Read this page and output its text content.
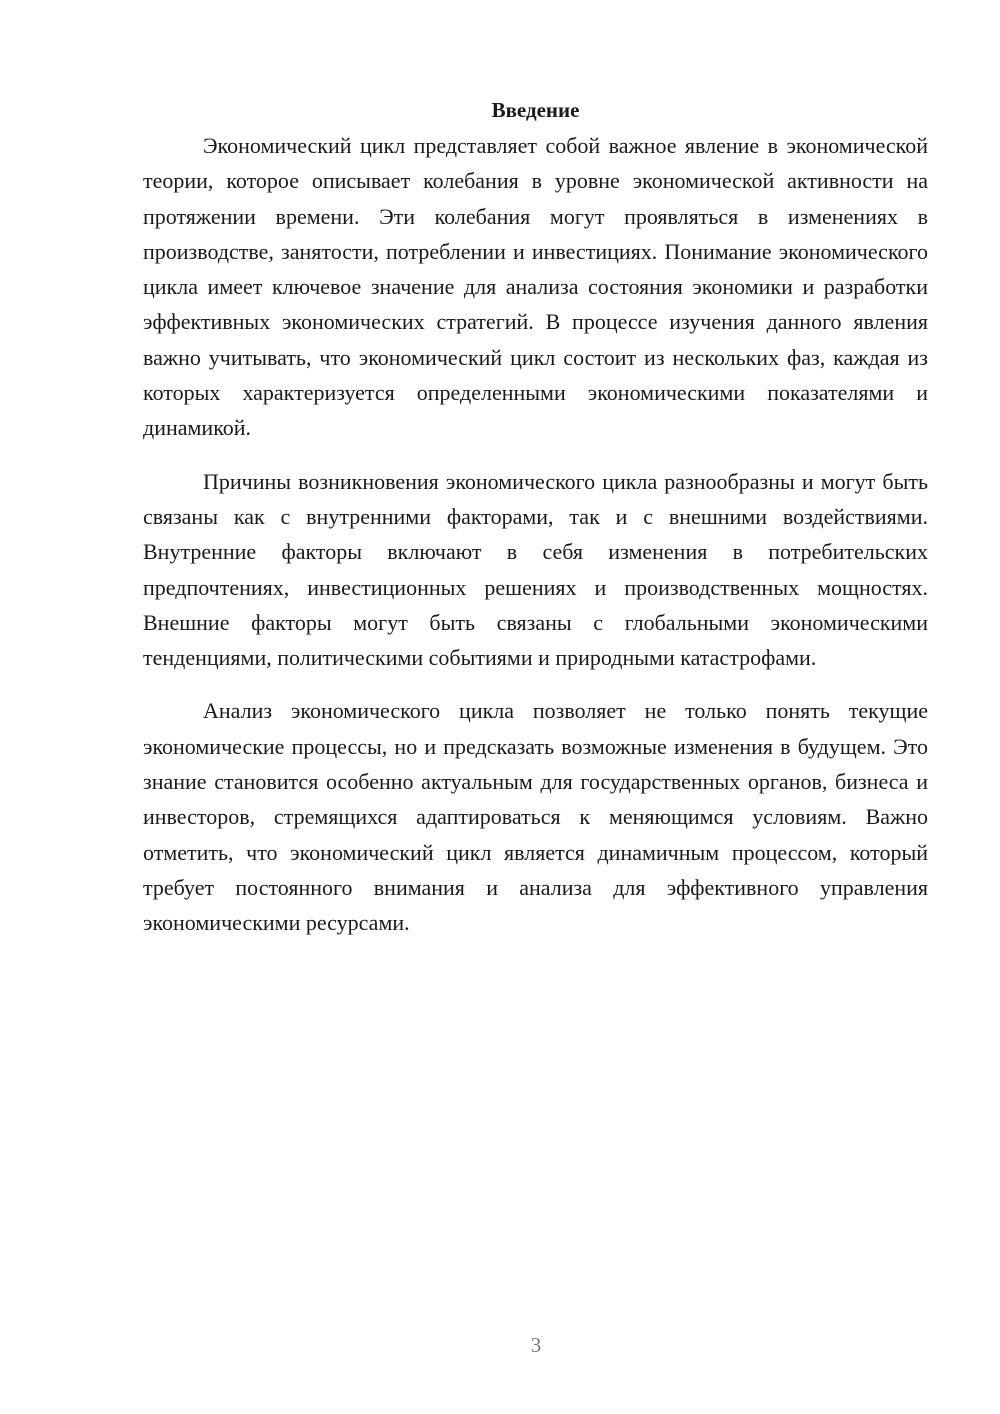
Введение

Экономический цикл представляет собой важное явление в экономической теории, которое описывает колебания в уровне экономической активности на протяжении времени. Эти колебания могут проявляться в изменениях в производстве, занятости, потреблении и инвестициях. Понимание экономического цикла имеет ключевое значение для анализа состояния экономики и разработки эффективных экономических стратегий. В процессе изучения данного явления важно учитывать, что экономический цикл состоит из нескольких фаз, каждая из которых характеризуется определенными экономическими показателями и динамикой.

Причины возникновения экономического цикла разнообразны и могут быть связаны как с внутренними факторами, так и с внешними воздействиями. Внутренние факторы включают в себя изменения в потребительских предпочтениях, инвестиционных решениях и производственных мощностях. Внешние факторы могут быть связаны с глобальными экономическими тенденциями, политическими событиями и природными катастрофами.

Анализ экономического цикла позволяет не только понять текущие экономические процессы, но и предсказать возможные изменения в будущем. Это знание становится особенно актуальным для государственных органов, бизнеса и инвесторов, стремящихся адаптироваться к меняющимся условиям. Важно отметить, что экономический цикл является динамичным процессом, который требует постоянного внимания и анализа для эффективного управления экономическими ресурсами.

3
